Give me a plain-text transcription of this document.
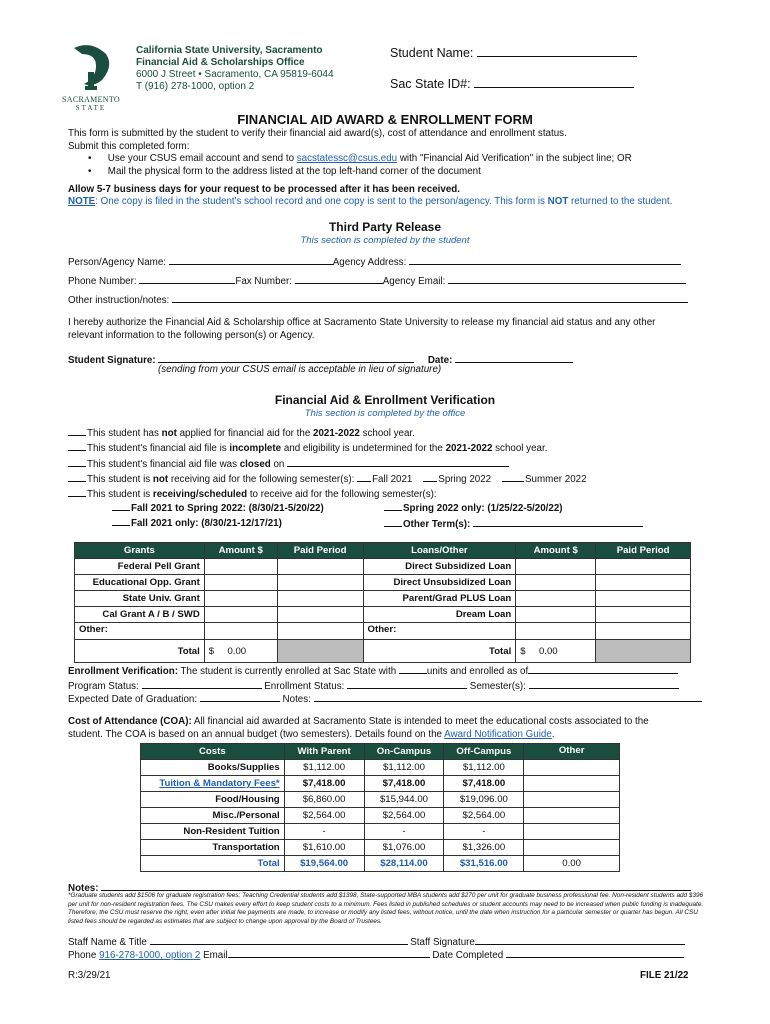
SACRAMENTO
STATE
California State University, Sacramento
Financial Aid & Scholarships Office
6000 J Street • Sacramento, CA 95819-6044
T (916) 278-1000, option 2
Student Name:
Sac State ID#:
FINANCIAL AID AWARD & ENROLLMENT FORM
This form is submitted by the student to verify their financial aid award(s), cost of attendance and enrollment status.
Submit this completed form:
• Use your CSUS email account and send to sacstatessc@csus.edu with "Financial Aid Verification" in the subject line; OR
• Mail the physical form to the address listed at the top left-hand corner of the document
Allow 5-7 business days for your request to be processed after it has been received.
NOTE: One copy is filed in the student's school record and one copy is sent to the person/agency. This form is NOT returned to the student.
Third Party Release
This section is completed by the student
Person/Agency Name:	Agency Address:
Phone Number:	Fax Number:	Agency Email:
Other instruction/notes:
I hereby authorize the Financial Aid & Scholarship office at Sacramento State University to release my financial aid status and any other
relevant information to the following person(s) or Agency.
Student Signature:	Date:
(sending from your CSUS email is acceptable in lieu of signature)
Financial Aid & Enrollment Verification
This section is completed by the office
This student has not applied for financial aid for the 2021-2022 school year.
This student's financial aid file is incomplete and eligibility is undetermined for the 2021-2022 school year.
This student's financial aid file was closed on
This student is not receiving aid for the following semester(s): Fall 2021	Spring 2022	Summer 2022
This student is receiving/scheduled to receive aid for the following semester(s):
Fall 2021 to Spring 2022: (8/30/21-5/20/22)
Fall 2021 only: (8/30/21-12/17/21)
Spring 2022 only: (1/25/22-5/20/22)
Other Term(s):
Grants	Amount $	Paid Period	Loans/Other	Amount $	Paid Period
Federal Pell Grant			Direct Subsidized Loan		
Educational Opp. Grant			Direct Unsubsidized Loan		
State Univ. Grant			Parent/Grad PLUS Loan		
Cal Grant A / B / SWD			Dream Loan		
Other:			Other:		
Total	$ 0.00		Total	$ 0.00	
Enrollment Verification: The student is currently enrolled at Sac State with	units and enrolled as of
Program Status:	Enrollment Status:	Semester(s):
Expected Date of Graduation:	Notes:
Cost of Attendance (COA): All financial aid awarded at Sacramento State is intended to meet the educational costs associated to the
student. The COA is based on an annual budget (two semesters). Details found on the Award Notification Guide.
Costs	With Parent	On-Campus	Off-Campus	Other
Books/Supplies	$1,112.00	$1,112.00	$1,112.00	
Tuition & Mandatory Fees*	$7,418.00	$7,418.00	$7,418.00	
Food/Housing	$6,860.00	$15,944.00	$19,096.00	
Misc./Personal	$2,564.00	$2,564.00	$2,564.00	
Non-Resident Tuition	-	-	-	
Transportation	$1,610.00	$1,076.00	$1,326.00	
Total	$19,564.00	$28,114.00	$31,516.00	0.00
Notes:
*Graduate students add $1506 for graduate registration fees; Teaching Credential students add $1398, State-supported MBA students add $270 per unit for graduate business professional fee. Non-resident students add $396 per unit for non-resident registration fees. The CSU makes every effort to keep student costs to a minimum. Fees listed in published schedules or student accounts may need to be increased when public funding is inadequate. Therefore, the CSU must reserve the right, even after initial fee payments are made, to increase or modify any listed fees, without notice, until the date when instruction for a particular semester or quarter has begun. All CSU listed fees should be regarded as estimates that are subject to change upon approval by the Board of Trustees.
Staff Name & Title	Staff Signature
Phone 916-278-1000, option 2 Email	Date Completed
R:3/29/21	FILE 21/22
